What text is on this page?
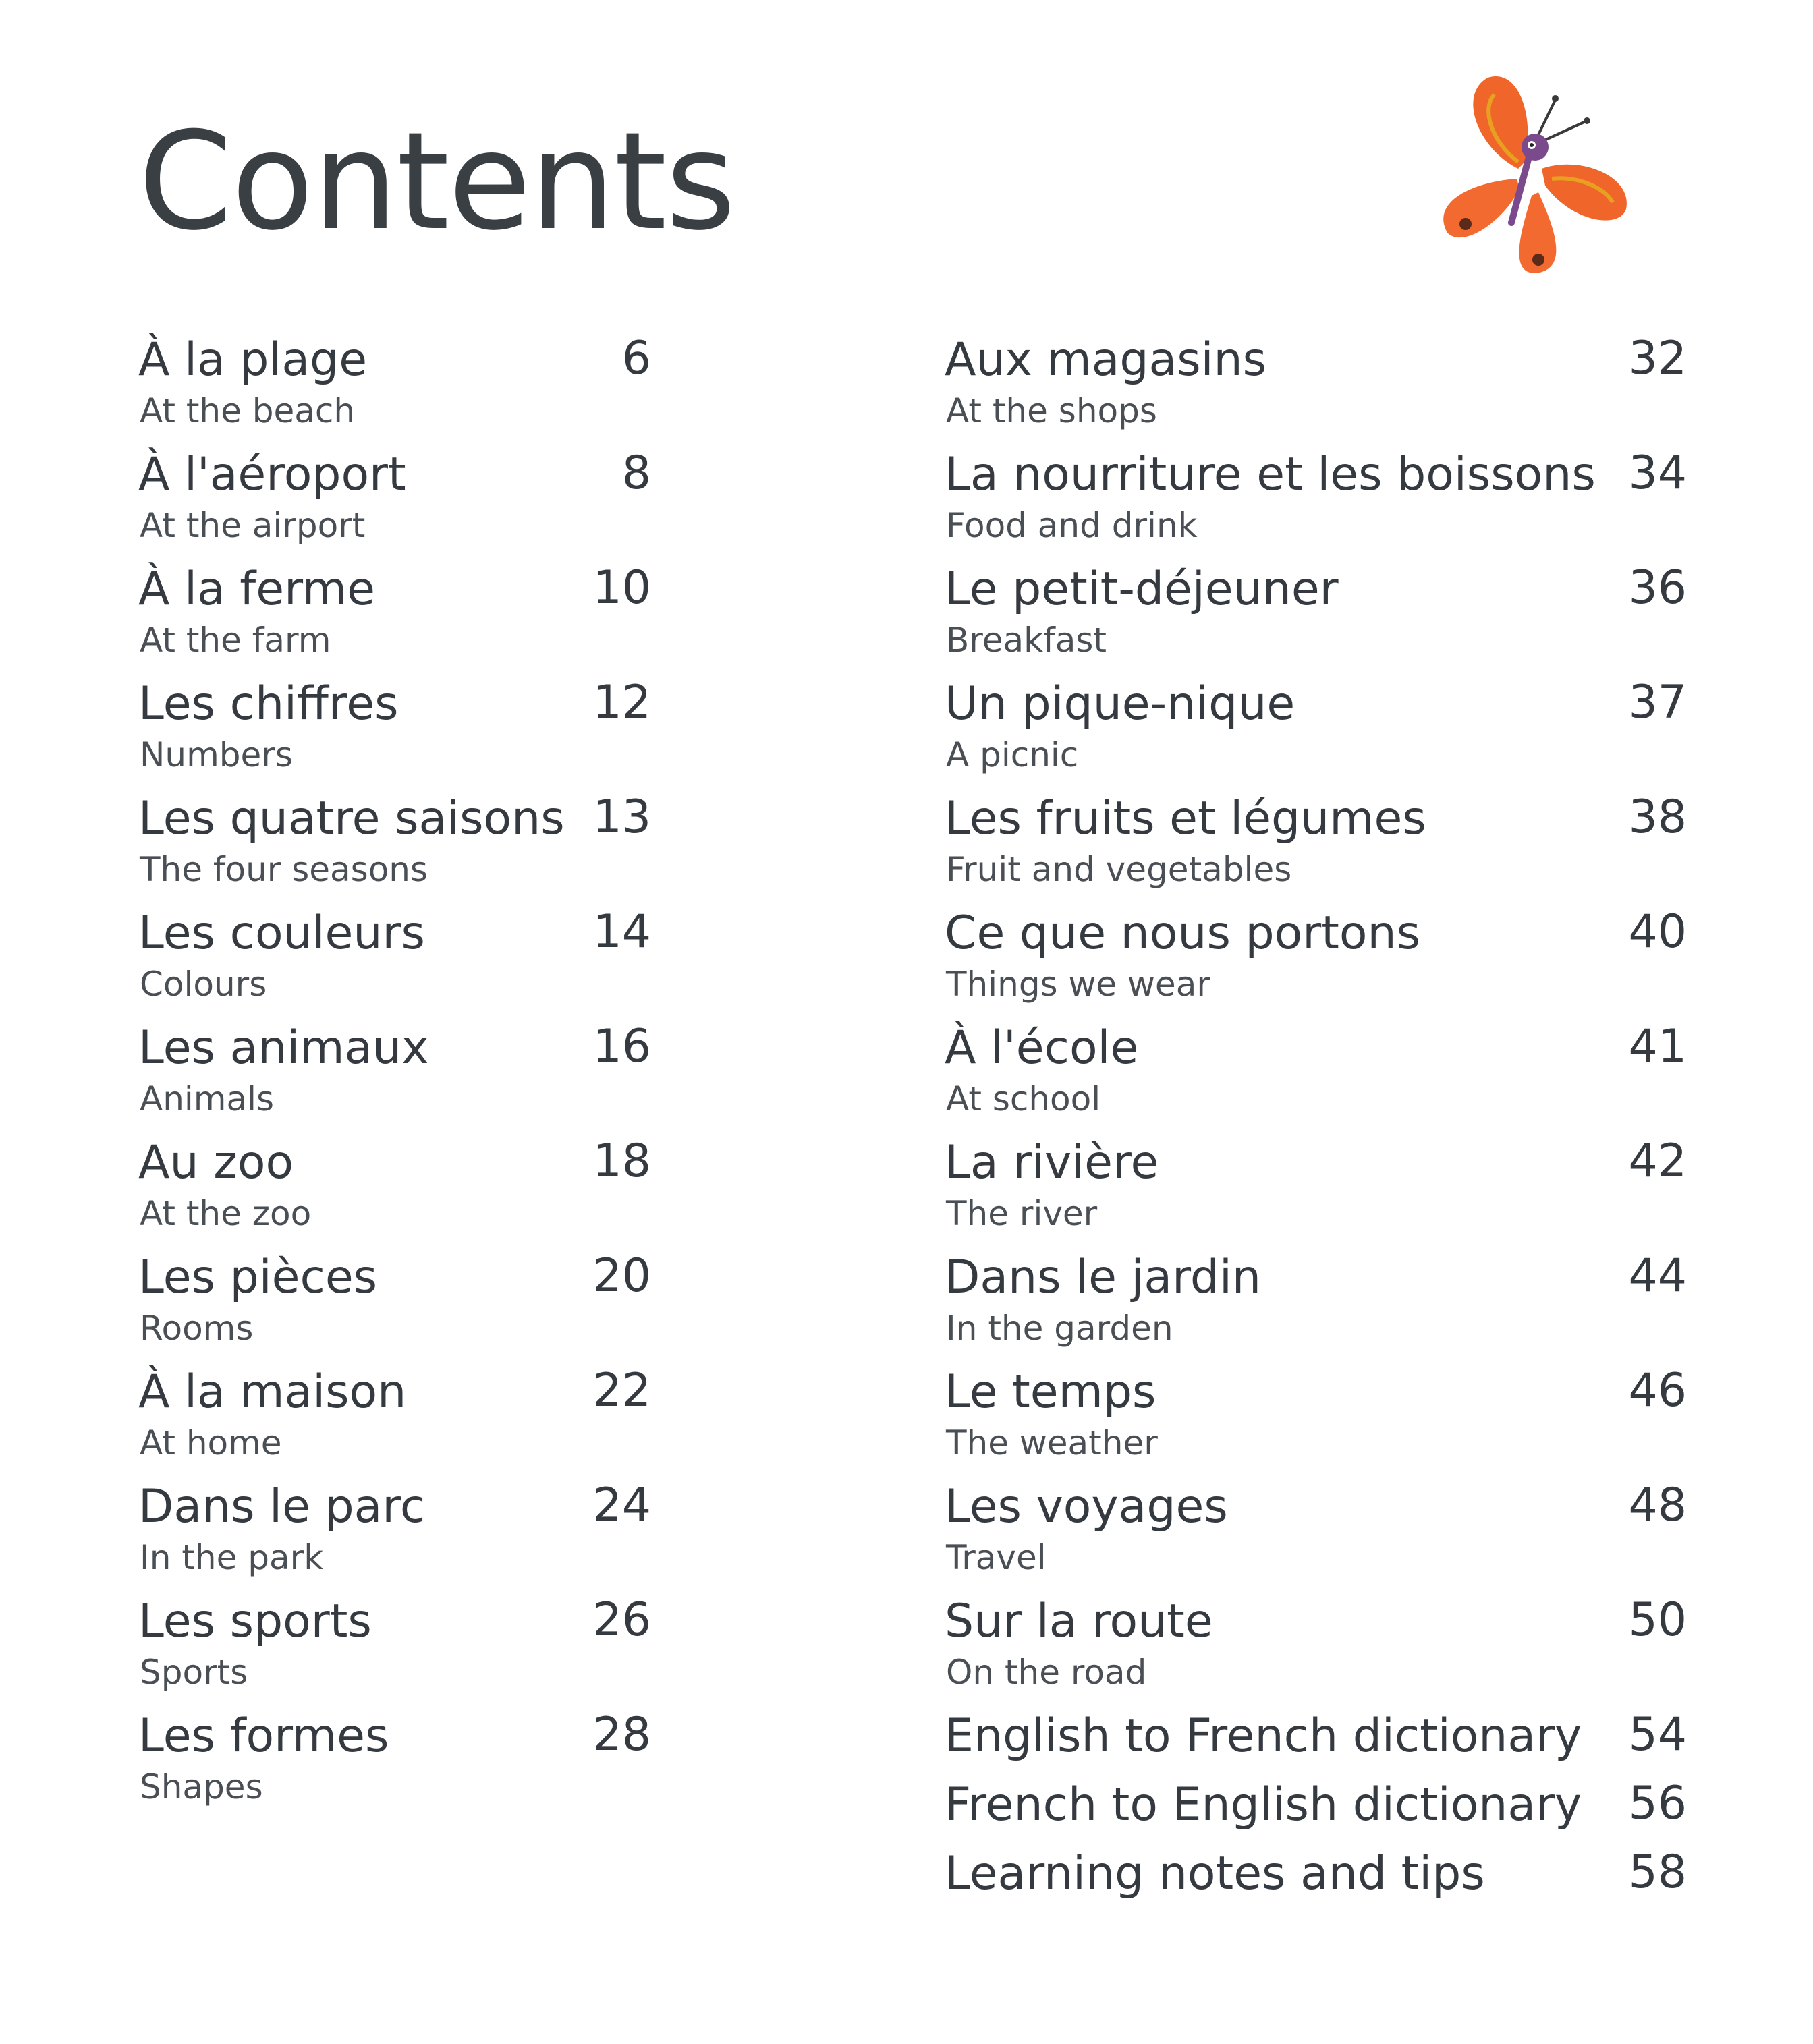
Contents
À la plage
At the beach
6
À l'aéroport
At the airport
8
À la ferme
At the farm
10
Les chiffres
Numbers
12
Les quatre saisons
The four seasons
13
Les couleurs
Colours
14
Les animaux
Animals
16
Au zoo
At the zoo
18
Les pièces
Rooms
20
À la maison
At home
22
Dans le parc
In the park
24
Les sports
Sports
26
Les formes
Shapes
28
Aux magasins
At the shops
32
La nourriture et les boissons
Food and drink
34
Le petit-déjeuner
Breakfast
36
Un pique-nique
A picnic
37
Les fruits et légumes
Fruit and vegetables
38
Ce que nous portons
Things we wear
40
À l'école
At school
41
La rivière
The river
42
Dans le jardin
In the garden
44
Le temps
The weather
46
Les voyages
Travel
48
Sur la route
On the road
50
English to French dictionary 54
French to English dictionary 56
Learning notes and tips	58
